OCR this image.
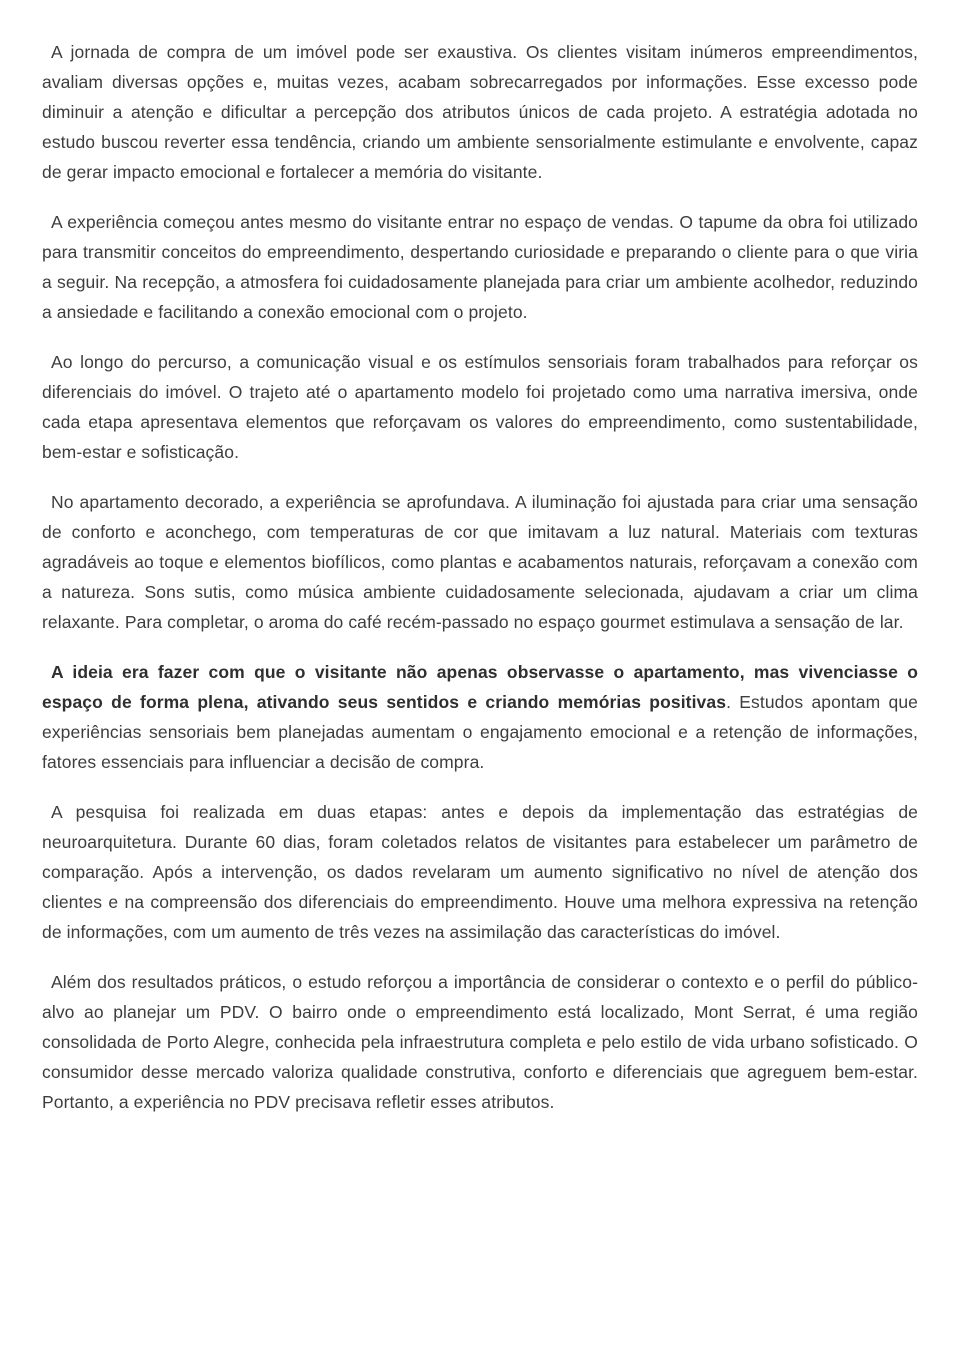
A jornada de compra de um imóvel pode ser exaustiva. Os clientes visitam inúmeros empreendimentos, avaliam diversas opções e, muitas vezes, acabam sobrecarregados por informações. Esse excesso pode diminuir a atenção e dificultar a percepção dos atributos únicos de cada projeto. A estratégia adotada no estudo buscou reverter essa tendência, criando um ambiente sensorialmente estimulante e envolvente, capaz de gerar impacto emocional e fortalecer a memória do visitante.

A experiência começou antes mesmo do visitante entrar no espaço de vendas. O tapume da obra foi utilizado para transmitir conceitos do empreendimento, despertando curiosidade e preparando o cliente para o que viria a seguir. Na recepção, a atmosfera foi cuidadosamente planejada para criar um ambiente acolhedor, reduzindo a ansiedade e facilitando a conexão emocional com o projeto.

Ao longo do percurso, a comunicação visual e os estímulos sensoriais foram trabalhados para reforçar os diferenciais do imóvel. O trajeto até o apartamento modelo foi projetado como uma narrativa imersiva, onde cada etapa apresentava elementos que reforçavam os valores do empreendimento, como sustentabilidade, bem-estar e sofisticação.

No apartamento decorado, a experiência se aprofundava. A iluminação foi ajustada para criar uma sensação de conforto e aconchego, com temperaturas de cor que imitavam a luz natural. Materiais com texturas agradáveis ao toque e elementos biofílicos, como plantas e acabamentos naturais, reforçavam a conexão com a natureza. Sons sutis, como música ambiente cuidadosamente selecionada, ajudavam a criar um clima relaxante. Para completar, o aroma do café recém-passado no espaço gourmet estimulava a sensação de lar.

A ideia era fazer com que o visitante não apenas observasse o apartamento, mas vivenciasse o espaço de forma plena, ativando seus sentidos e criando memórias positivas. Estudos apontam que experiências sensoriais bem planejadas aumentam o engajamento emocional e a retenção de informações, fatores essenciais para influenciar a decisão de compra.

A pesquisa foi realizada em duas etapas: antes e depois da implementação das estratégias de neuroarquitetura. Durante 60 dias, foram coletados relatos de visitantes para estabelecer um parâmetro de comparação. Após a intervenção, os dados revelaram um aumento significativo no nível de atenção dos clientes e na compreensão dos diferenciais do empreendimento. Houve uma melhora expressiva na retenção de informações, com um aumento de três vezes na assimilação das características do imóvel.

Além dos resultados práticos, o estudo reforçou a importância de considerar o contexto e o perfil do público-alvo ao planejar um PDV. O bairro onde o empreendimento está localizado, Mont Serrat, é uma região consolidada de Porto Alegre, conhecida pela infraestrutura completa e pelo estilo de vida urbano sofisticado. O consumidor desse mercado valoriza qualidade construtiva, conforto e diferenciais que agreguem bem-estar. Portanto, a experiência no PDV precisava refletir esses atributos.
